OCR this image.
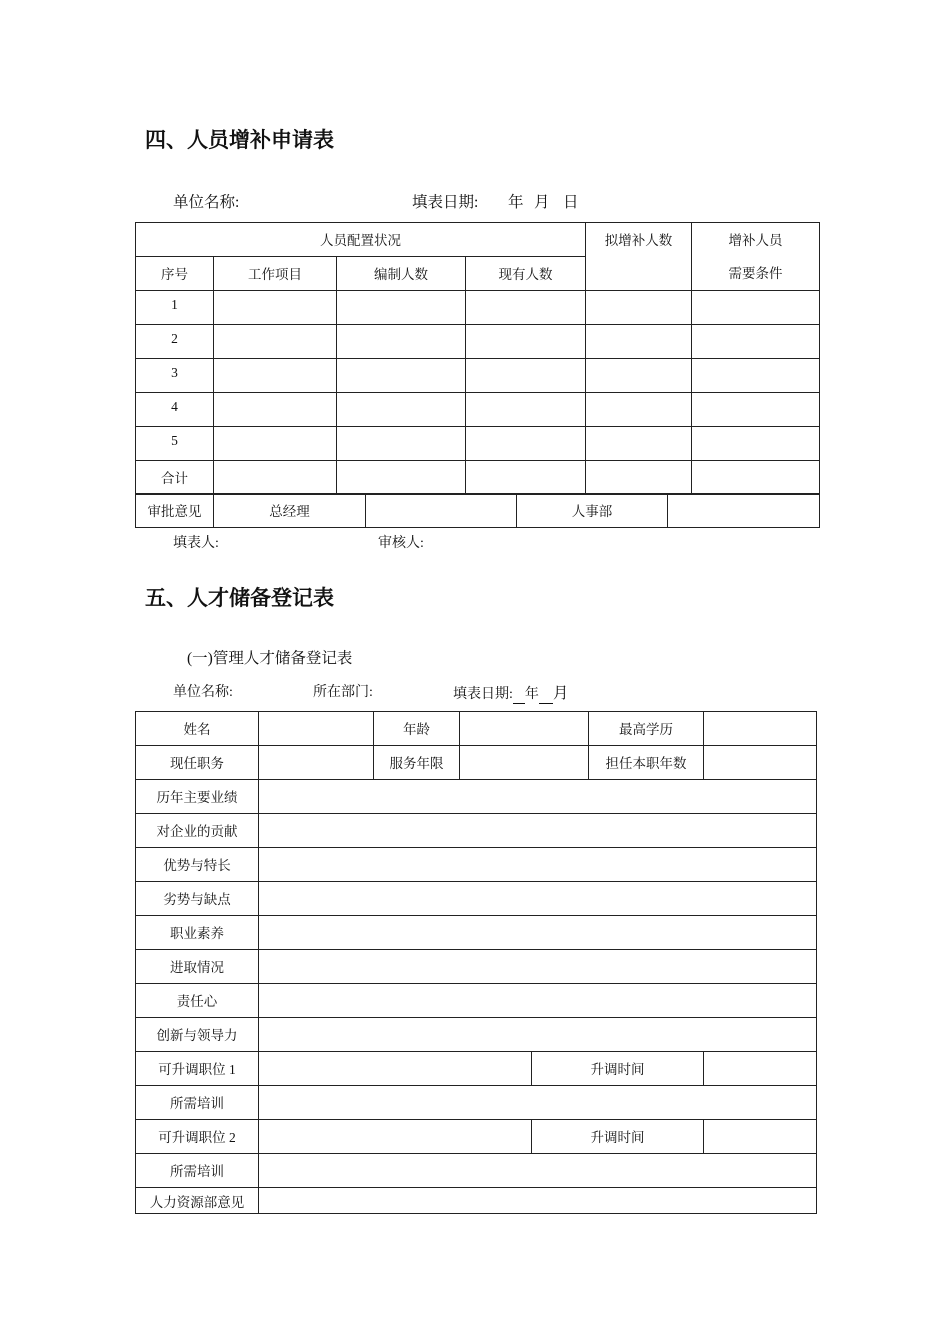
四、人员增补申请表
单位名称:	填表日期: 年 月 日
人员配置状况				拟增补人数	增补人员
需要条件

序号	工作项目	编制人数	现有人数		
1					
2					
3					
4					
5					
合计					
审批意见	总经理		人事部	
填表人:	审核人:
五、人才储备登记表
(一)管理人才储备登记表
单位名称:	所在部门:	填表日期: 年 月
姓名		年龄			最高学历	
现任职务		服务年限			担任本职年数	
历年主要业绩						
对企业的贡献						
优势与特长						
劣势与缺点						
职业素养						
进取情况						
责任心						
创新与领导力						
可升调职位 1				升调时间		
所需培训						
可升调职位 2				升调时间		
所需培训						
人力资源部意见						
